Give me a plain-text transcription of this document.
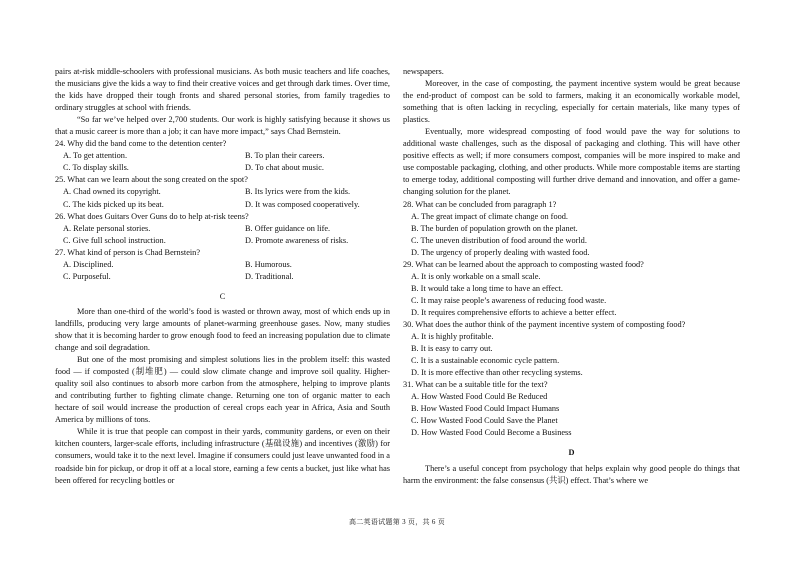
pairs at-risk middle-schoolers with professional musicians. As both music teachers and life coaches, the musicians give the kids a way to find their creative voices and get through dark times. Over time, the kids have dropped their tough fronts and shared personal stories, from family tragedies to ordinary struggles at school with friends.

“So far we’ve helped over 2,700 students. Our work is highly satisfying because it shows us that a music career is more than a job; it can have more impact,” says Chad Bernstein.

24. Why did the band come to the detention center?

A. To get attention.	B. To plan their careers.
C. To display skills.	D. To chat about music.

25. What can we learn about the song created on the spot?

A. Chad owned its copyright.	B. Its lyrics were from the kids.
C. The kids picked up its beat.	D. It was composed cooperatively.

26. What does Guitars Over Guns do to help at-risk teens?

A. Relate personal stories.	B. Offer guidance on life.
C. Give full school instruction.	D. Promote awareness of risks.

27. What kind of person is Chad Bernstein?

A. Disciplined.	B. Humorous.
C. Purposeful.	D. Traditional.
C

More than one-third of the world’s food is wasted or thrown away, most of which ends up in landfills, producing very large amounts of planet-warming greenhouse gases. Now, many studies show that it is becoming harder to grow enough food to feed an increasing population due to climate change and soil degradation.

But one of the most promising and simplest solutions lies in the problem itself: this wasted food — if composted (制堆肥) — could slow climate change and improve soil quality. Higher-quality soil also continues to absorb more carbon from the atmosphere, helping to improve plants and contributing further to fighting climate change. Returning one ton of organic matter to each hectare of soil would increase the production of cereal crops each year in Africa, Asia and South America by millions of tons.

While it is true that people can compost in their yards, community gardens, or even on their kitchen counters, larger-scale efforts, including infrastructure (基础设施) and incentives (激励) for consumers, would take it to the next level. Imagine if consumers could just leave unwanted food in a roadside bin for pickup, or drop it off at a local store, earning a few cents a bucket, just like what has been offered for recycling bottles or

newspapers.

Moreover, in the case of composting, the payment incentive system would be great because the end-product of compost can be sold to farmers, making it an economically workable model, something that is often lacking in recycling, especially for certain materials, like many types of plastics.

Eventually, more widespread composting of food would pave the way for solutions to additional waste challenges, such as the disposal of packaging and clothing. This will have other positive effects as well; if more consumers compost, companies will be more inspired to make and use compostable packaging, clothing, and other products. While more compostable items are starting to emerge today, additional composting will further drive demand and innovation, and offer a game-changing solution for the planet.

28. What can be concluded from paragraph 1?

A. The great impact of climate change on food.
B. The burden of population growth on the planet.
C. The uneven distribution of food around the world.
D. The urgency of properly dealing with wasted food.

29. What can be learned about the approach to composting wasted food?

A. It is only workable on a small scale.
B. It would take a long time to have an effect.
C. It may raise people’s awareness of reducing food waste.
D. It requires comprehensive efforts to achieve a better effect.

30. What does the author think of the payment incentive system of composting food?

A. It is highly profitable.
B. It is easy to carry out.
C. It is a sustainable economic cycle pattern.
D. It is more effective than other recycling systems.

31. What can be a suitable title for the text?

A. How Wasted Food Could Be Reduced
B. How Wasted Food Could Impact Humans
C. How Wasted Food Could Save the Planet
D. How Wasted Food Could Become a Business
D

There’s a useful concept from psychology that helps explain why good people do things that harm the environment: the false consensus (共识) effect. That’s where we

高二英语试题第 3 页，共 6 页
